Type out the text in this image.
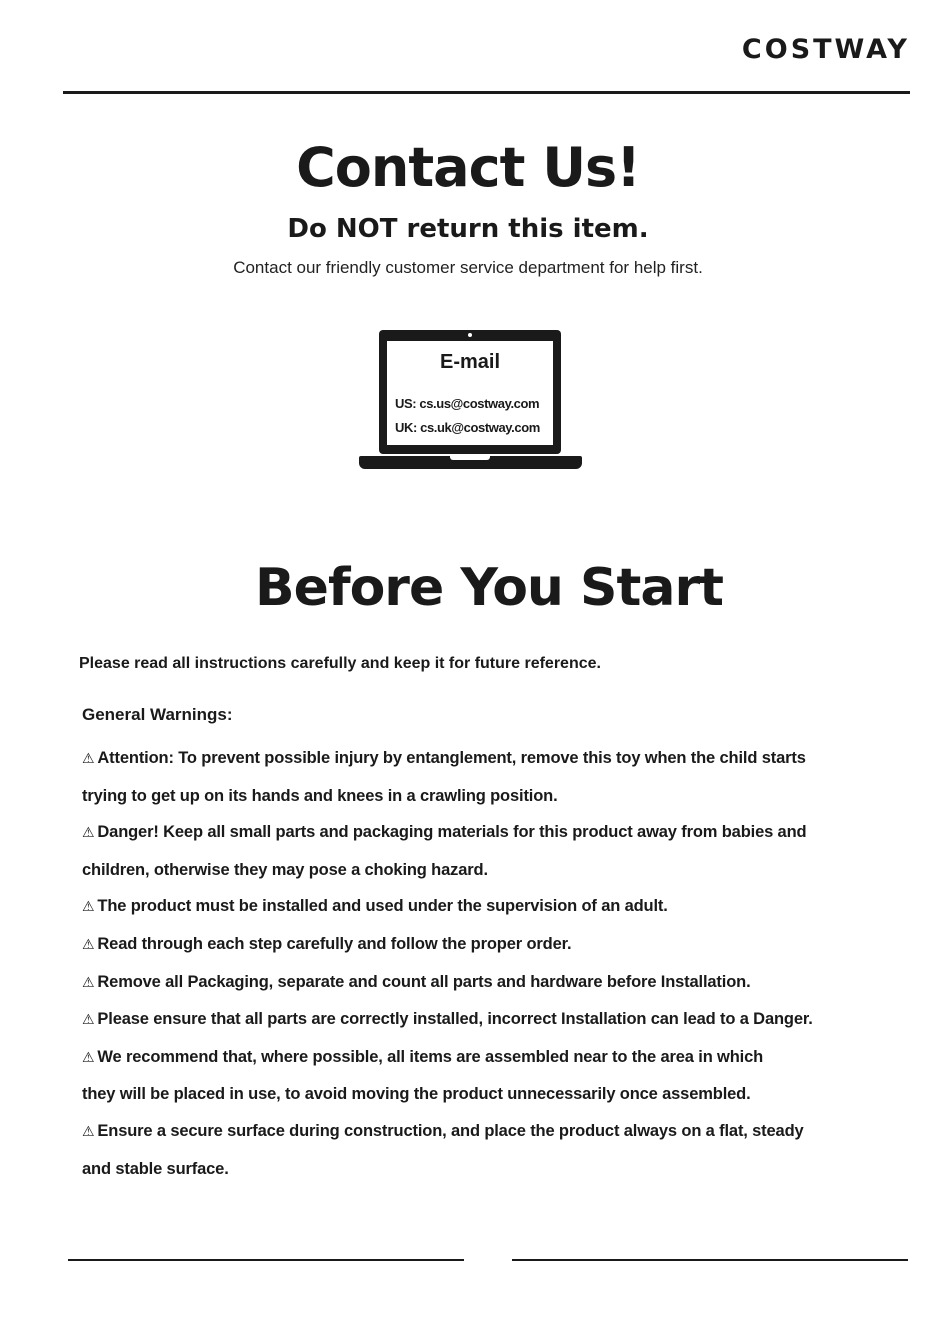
COSTWAY
Contact Us!
Do NOT return this item.
Contact our friendly customer service department for help first.
E-mail
US: cs.us@costway.com
UK: cs.uk@costway.com
Before You Start
Please read all instructions carefully and keep it for future reference.
General Warnings:
⚠ Attention: To prevent possible injury by entanglement, remove this toy when the child starts
trying to get up on its hands and knees in a crawling position.
⚠ Danger! Keep all small parts and packaging materials for this product away from babies and
children, otherwise they may pose a choking hazard.
⚠ The product must be installed and used under the supervision of an adult.
⚠ Read through each step carefully and follow the proper order.
⚠ Remove all Packaging, separate and count all parts and hardware before Installation.
⚠ Please ensure that all parts are correctly installed, incorrect Installation can lead to a Danger.
⚠ We recommend that, where possible, all items are assembled near to the area in which
they will be placed in use, to avoid moving the product unnecessarily once assembled.
⚠ Ensure a secure surface during construction, and place the product always on a flat, steady
and stable surface.
